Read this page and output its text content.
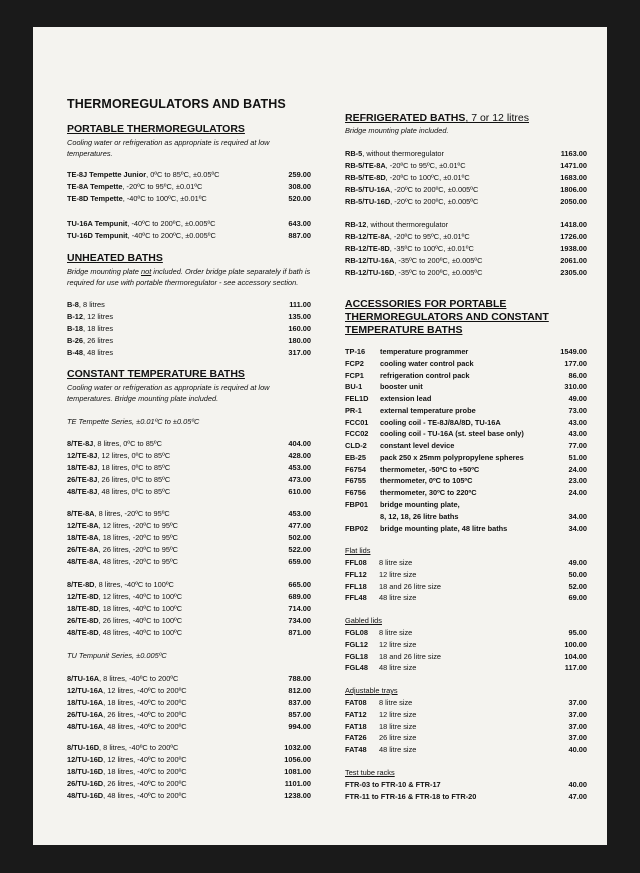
THERMOREGULATORS AND BATHS
PORTABLE THERMOREGULATORS
Cooling water or refrigeration as appropriate is required at low temperatures.
TE-8J Tempette Junior, 0ºC to 85ºC, ±0.05ºC	259.00
TE-8A Tempette, -20ºC to 95ºC, ±0.01ºC	308.00
TE-8D Tempette, -40ºC to 100ºC, ±0.01ºC	520.00
TU-16A Tempunit, -40ºC to 200ºC, ±0.005ºC	643.00
TU-16D Tempunit, -40ºC to 200ºC, ±0.005ºC	887.00
UNHEATED BATHS
Bridge mounting plate not included. Order bridge plate separately if bath is required for use with portable thermoregulator - see accessory section.
B-8, 8 litres	111.00
B-12, 12 litres	135.00
B-18, 18 litres	160.00
B-26, 26 litres	180.00
B-48, 48 litres	317.00
CONSTANT TEMPERATURE BATHS
Cooling water or refrigeration as appropriate is required at low temperatures. Bridge mounting plate included.
TE Tempette Series, ±0.01ºC to ±0.05ºC
8/TE-8J, 8 litres, 0ºC to 85ºC	404.00
12/TE-8J, 12 litres, 0ºC to 85ºC	428.00
18/TE-8J, 18 litres, 0ºC to 85ºC	453.00
26/TE-8J, 26 litres, 0ºC to 85ºC	473.00
48/TE-8J, 48 litres, 0ºC to 85ºC	610.00
8/TE-8A, 8 litres, -20ºC to 95ºC	453.00
12/TE-8A, 12 litres, -20ºC to 95ºC	477.00
18/TE-8A, 18 litres, -20ºC to 95ºC	502.00
26/TE-8A, 26 litres, -20ºC to 95ºC	522.00
48/TE-8A, 48 litres, -20ºC to 95ºC	659.00
8/TE-8D, 8 litres, -40ºC to 100ºC	665.00
12/TE-8D, 12 litres, -40ºC to 100ºC	689.00
18/TE-8D, 18 litres, -40ºC to 100ºC	714.00
26/TE-8D, 26 litres, -40ºC to 100ºC	734.00
48/TE-8D, 48 litres, -40ºC to 100ºC	871.00
TU Tempunit Series, ±0.005ºC
8/TU-16A, 8 litres, -40ºC to 200ºC	788.00
12/TU-16A, 12 litres, -40ºC to 200ºC	812.00
18/TU-16A, 18 litres, -40ºC to 200ºC	837.00
26/TU-16A, 26 litres, -40ºC to 200ºC	857.00
48/TU-16A, 48 litres, -40ºC to 200ºC	994.00
8/TU-16D, 8 litres, -40ºC to 200ºC	1032.00
12/TU-16D, 12 litres, -40ºC to 200ºC	1056.00
18/TU-16D, 18 litres, -40ºC to 200ºC	1081.00
26/TU-16D, 26 litres, -40ºC to 200ºC	1101.00
48/TU-16D, 48 litres, -40ºC to 200ºC	1238.00
REFRIGERATED BATHS, 7 or 12 litres
Bridge mounting plate included.
RB-5, without thermoregulator	1163.00
RB-5/TE-8A, -20ºC to 95ºC, ±0.01ºC	1471.00
RB-5/TE-8D, -20ºC to 100ºC, ±0.01ºC	1683.00
RB-5/TU-16A, -20ºC to 200ºC, ±0.005ºC	1806.00
RB-5/TU-16D, -20ºC to 200ºC, ±0.005ºC	2050.00
RB-12, without thermoregulator	1418.00
RB-12/TE-8A, -20ºC to 95ºC, ±0.01ºC	1726.00
RB-12/TE-8D, -35ºC to 100ºC, ±0.01ºC	1938.00
RB-12/TU-16A, -35ºC to 200ºC, ±0.005ºC	2061.00
RB-12/TU-16D, -35ºC to 200ºC, ±0.005ºC	2305.00
ACCESSORIES FOR PORTABLE
THERMOREGULATORS AND CONSTANT
TEMPERATURE BATHS
TP-16 temperature programmer	1549.00
FCP2 cooling water control pack	177.00
FCP1 refrigeration control pack	86.00
BU-1 booster unit	310.00
FEL1D extension lead	49.00
PR-1 external temperature probe	73.00
FCC01 cooling coil - TE-8J/8A/8D, TU-16A	43.00
FCC02 cooling coil - TU-16A (st. steel base only)	43.00
CLD-2 constant level device	77.00
EB-25 pack 250 x 25mm polypropylene spheres	51.00
F6754 thermometer, -50ºC to +50ºC	24.00
F6755 thermometer, 0ºC to 105ºC	23.00
F6756 thermometer, 30ºC to 220ºC	24.00
FBP01 bridge mounting plate,
8, 12, 18, 26 litre baths	34.00
FBP02 bridge mounting plate, 48 litre baths	34.00
Flat lids
FFL08 8 litre size	49.00
FFL12 12 litre size	50.00
FFL18 18 and 26 litre size	52.00
FFL48 48 litre size	69.00
Gabled lids
FGL08 8 litre size	95.00
FGL12 12 litre size	100.00
FGL18 18 and 26 litre size	104.00
FGL48 48 litre size	117.00
Adjustable trays
FAT08 8 litre size	37.00
FAT12 12 litre size	37.00
FAT18 18 litre size	37.00
FAT26 26 litre size	37.00
FAT48 48 litre size	40.00
Test tube racks
FTR-03 to FTR-10 & FTR-17	40.00
FTR-11 to FTR-16 & FTR-18 to FTR-20	47.00
